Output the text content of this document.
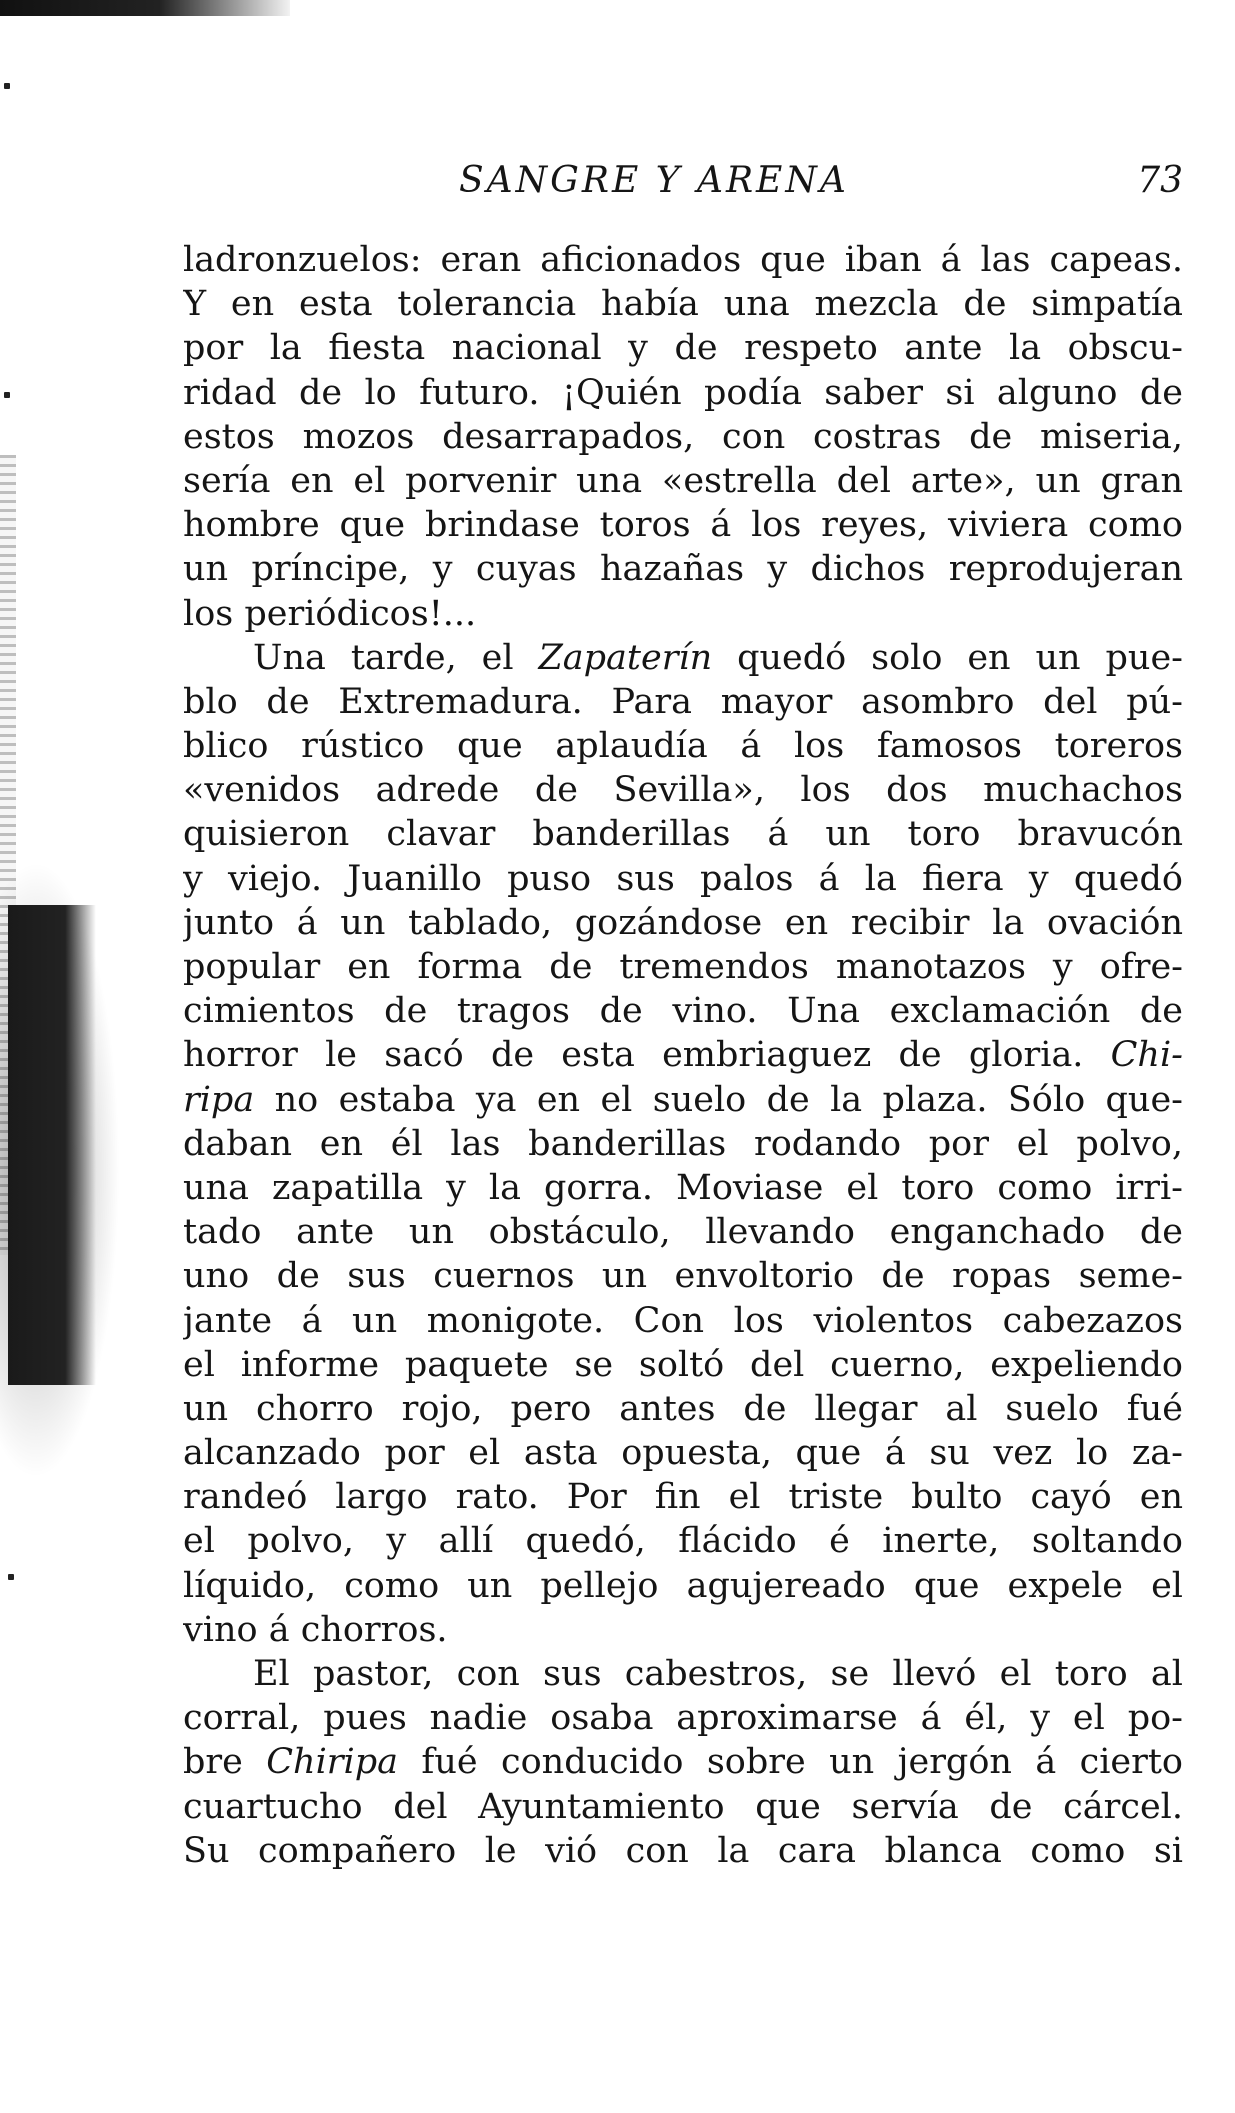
SANGRE Y ARENA	73
ladronzuelos: eran aficionados que iban á las capeas.
Y en esta tolerancia había una mezcla de simpatía
por la fiesta nacional y de respeto ante la obscu-
ridad de lo futuro. ¡Quién podía saber si alguno de
estos mozos desarrapados, con costras de miseria,
sería en el porvenir una «estrella del arte», un gran
hombre que brindase toros á los reyes, viviera como
un príncipe, y cuyas hazañas y dichos reprodujeran
los periódicos!...
Una tarde, el Zapaterín quedó solo en un pue-
blo de Extremadura. Para mayor asombro del pú-
blico rústico que aplaudía á los famosos toreros
«venidos adrede de Sevilla», los dos muchachos
quisieron clavar banderillas á un toro bravucón
y viejo. Juanillo puso sus palos á la fiera y quedó
junto á un tablado, gozándose en recibir la ovación
popular en forma de tremendos manotazos y ofre-
cimientos de tragos de vino. Una exclamación de
horror le sacó de esta embriaguez de gloria. Chi-
ripa no estaba ya en el suelo de la plaza. Sólo que-
daban en él las banderillas rodando por el polvo,
una zapatilla y la gorra. Moviase el toro como irri-
tado ante un obstáculo, llevando enganchado de
uno de sus cuernos un envoltorio de ropas seme-
jante á un monigote. Con los violentos cabezazos
el informe paquete se soltó del cuerno, expeliendo
un chorro rojo, pero antes de llegar al suelo fué
alcanzado por el asta opuesta, que á su vez lo za-
randeó largo rato. Por fin el triste bulto cayó en
el polvo, y allí quedó, flácido é inerte, soltando
líquido, como un pellejo agujereado que expele el
vino á chorros.
El pastor, con sus cabestros, se llevó el toro al
corral, pues nadie osaba aproximarse á él, y el po-
bre Chiripa fué conducido sobre un jergón á cierto
cuartucho del Ayuntamiento que servía de cárcel.
Su compañero le vió con la cara blanca como si
